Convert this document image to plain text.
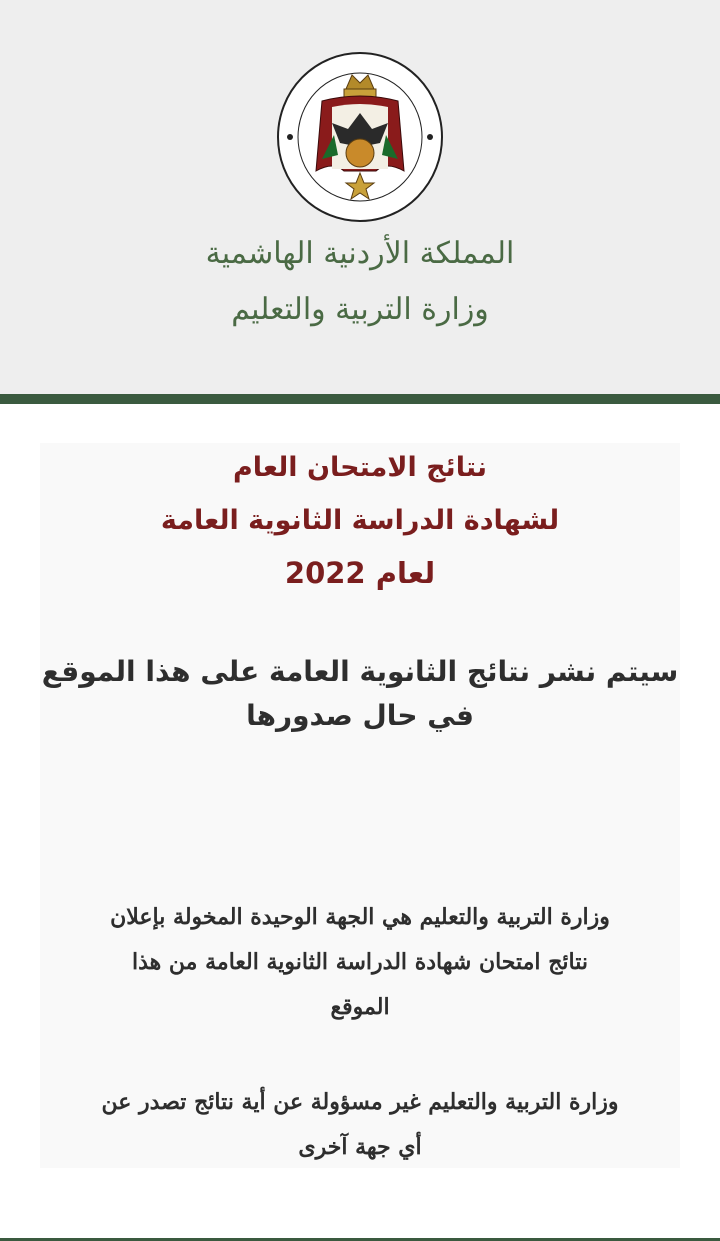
المملكة الأردنية الهاشمية
وزارة التربية والتعليم
نتائج الامتحان العام
لشهادة الدراسة الثانوية العامة
لعام 2022
سيتم نشر نتائج الثانوية العامة على هذا الموقع
في حال صدورها
وزارة التربية والتعليم هي الجهة الوحيدة المخولة بإعلان
نتائج امتحان شهادة الدراسة الثانوية العامة من هذا
الموقع
وزارة التربية والتعليم غير مسؤولة عن أية نتائج تصدر عن
أي جهة آخرى
